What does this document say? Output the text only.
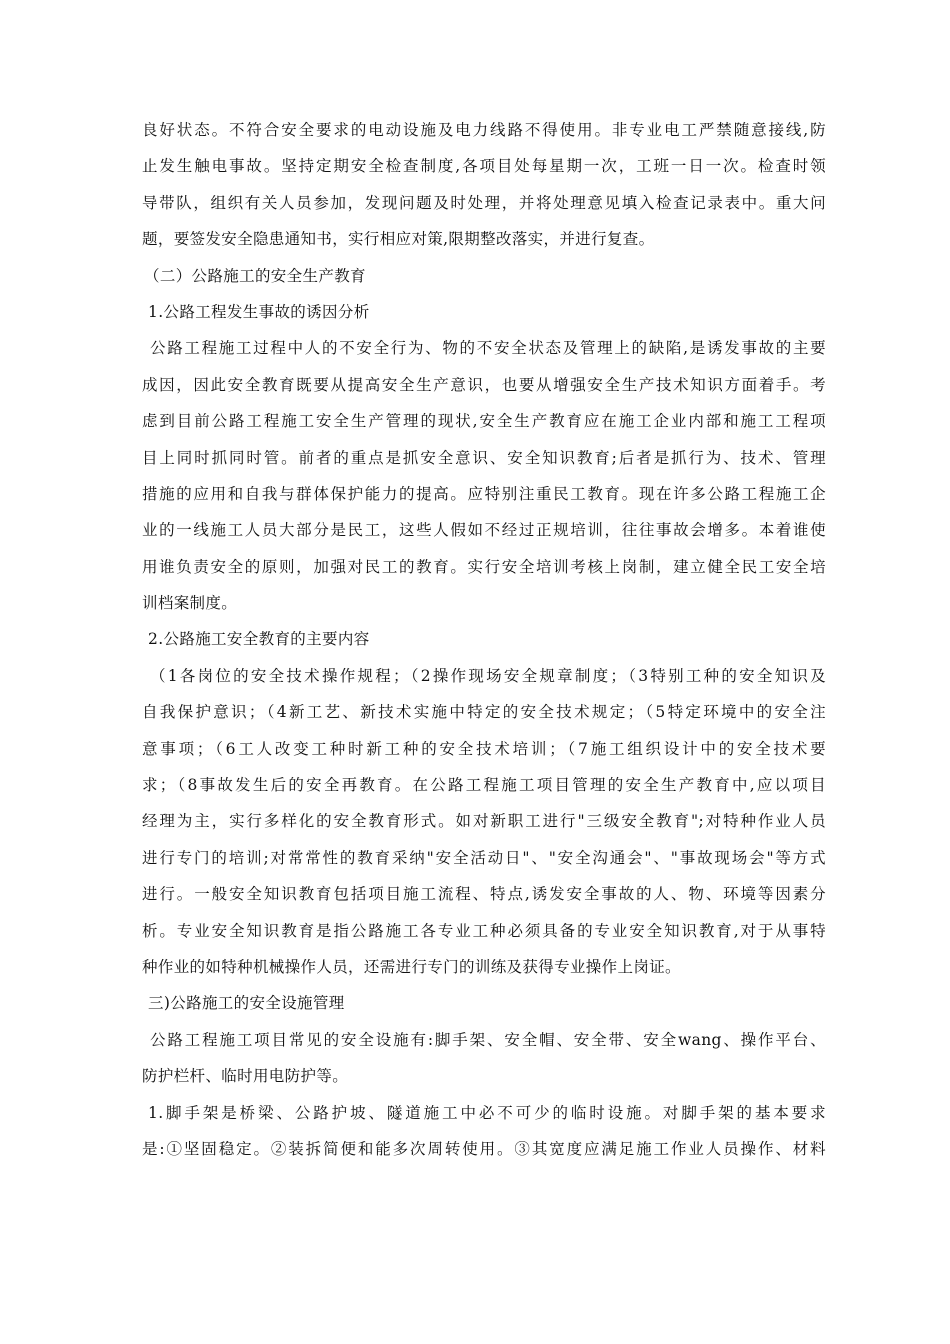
良好状态。不符合安全要求的电动设施及电力线路不得使用。非专业电工严禁随意接线,防
止发生触电事故。坚持定期安全检查制度,各项目处每星期一次，工班一日一次。检查时领
导带队，组织有关人员参加，发现问题及时处理，并将处理意见填入检查记录表中。重大问
题，要签发安全隐患通知书，实行相应对策,限期整改落实，并进行复查。
（二）公路施工的安全生产教育
1.公路工程发生事故的诱因分析
公路工程施工过程中人的不安全行为、物的不安全状态及管理上的缺陷,是诱发事故的主要
成因，因此安全教育既要从提高安全生产意识，也要从增强安全生产技术知识方面着手。考
虑到目前公路工程施工安全生产管理的现状,安全生产教育应在施工企业内部和施工工程项
目上同时抓同时管。前者的重点是抓安全意识、安全知识教育;后者是抓行为、技术、管理
措施的应用和自我与群体保护能力的提高。应特别注重民工教育。现在许多公路工程施工企
业的一线施工人员大部分是民工，这些人假如不经过正规培训，往往事故会增多。本着谁使
用谁负责安全的原则，加强对民工的教育。实行安全培训考核上岗制，建立健全民工安全培
训档案制度。
2.公路施工安全教育的主要内容
（1各岗位的安全技术操作规程；（2操作现场安全规章制度；（3特别工种的安全知识及
自我保护意识；（4新工艺、新技术实施中特定的安全技术规定；（5特定环境中的安全注
意事项；（6工人改变工种时新工种的安全技术培训；（7施工组织设计中的安全技术要
求；（8事故发生后的安全再教育。在公路工程施工项目管理的安全生产教育中,应以项目
经理为主，实行多样化的安全教育形式。如对新职工进行"三级安全教育";对特种作业人员
进行专门的培训;对常常性的教育采纳"安全活动日"、"安全沟通会"、"事故现场会"等方式
进行。一般安全知识教育包括项目施工流程、特点,诱发安全事故的人、物、环境等因素分
析。专业安全知识教育是指公路施工各专业工种必须具备的专业安全知识教育,对于从事特
种作业的如特种机械操作人员，还需进行专门的训练及获得专业操作上岗证。
三)公路施工的安全设施管理
公路工程施工项目常见的安全设施有:脚手架、安全帽、安全带、安全wang、操作平台、
防护栏杆、临时用电防护等。
1.脚手架是桥梁、公路护坡、隧道施工中必不可少的临时设施。对脚手架的基本要求
是:①坚固稳定。②装拆简便和能多次周转使用。③其宽度应满足施工作业人员操作、材料
